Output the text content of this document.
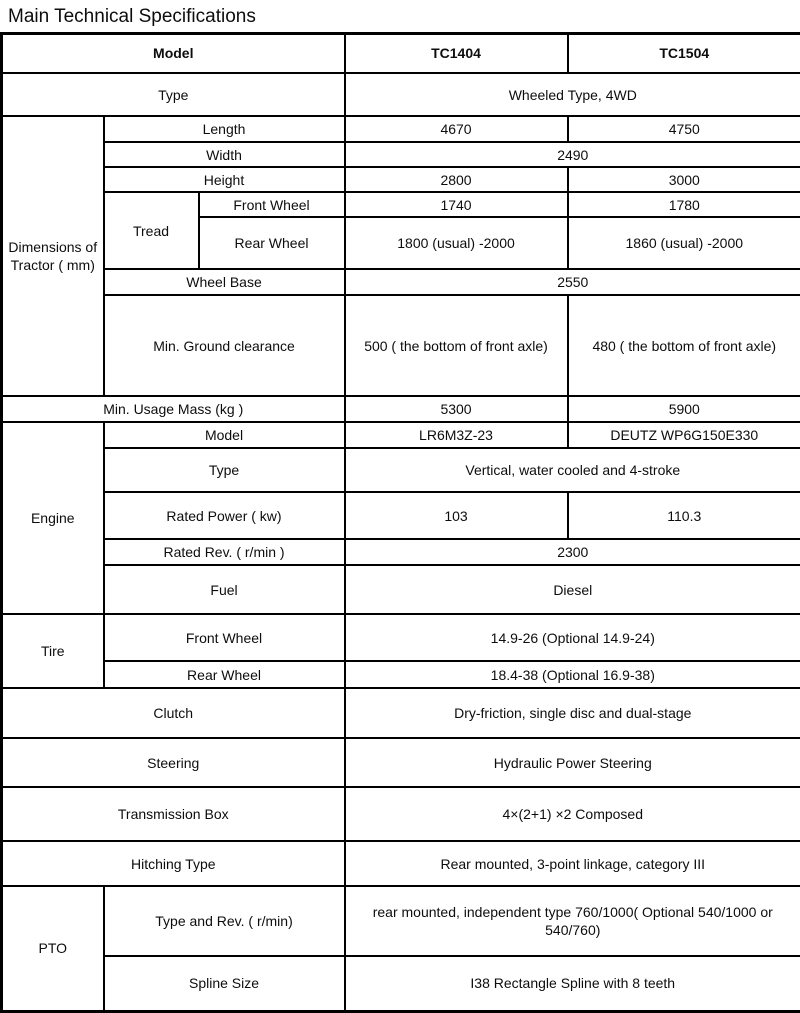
Main Technical Specifications
Model			TC1404	TC1504
Type			Wheeled Type, 4WD	
Dimensions of Tractor ( mm)	Length		4670	4750
	Width		2490	
	Height		2800	3000
	Tread	Front Wheel	1740	1780
		Rear Wheel	1800 (usual) -2000	1860 (usual) -2000
	Wheel Base		2550	
	Min. Ground clearance		500 ( the bottom of front axle)	480 ( the bottom of front axle)
Min. Usage Mass (kg )			5300	5900
Engine	Model		LR6M3Z-23	DEUTZ WP6G150E330
	Type		Vertical, water cooled and 4-stroke	
	Rated Power ( kw)		103	110.3
	Rated Rev. ( r/min )		2300	
	Fuel		Diesel	
Tire	Front Wheel		14.9-26 (Optional 14.9-24)	
	Rear Wheel		18.4-38 (Optional 16.9-38)	
Clutch			Dry-friction, single disc and dual-stage	
Steering			Hydraulic Power Steering	
Transmission Box			4×(2+1) ×2 Composed	
Hitching Type			Rear mounted, 3-point linkage, category III	
PTO	Type and Rev. ( r/min)		rear mounted, independent type 760/1000( Optional 540/1000 or 540/760)	
	Spline Size		I38 Rectangle Spline with 8 teeth	
